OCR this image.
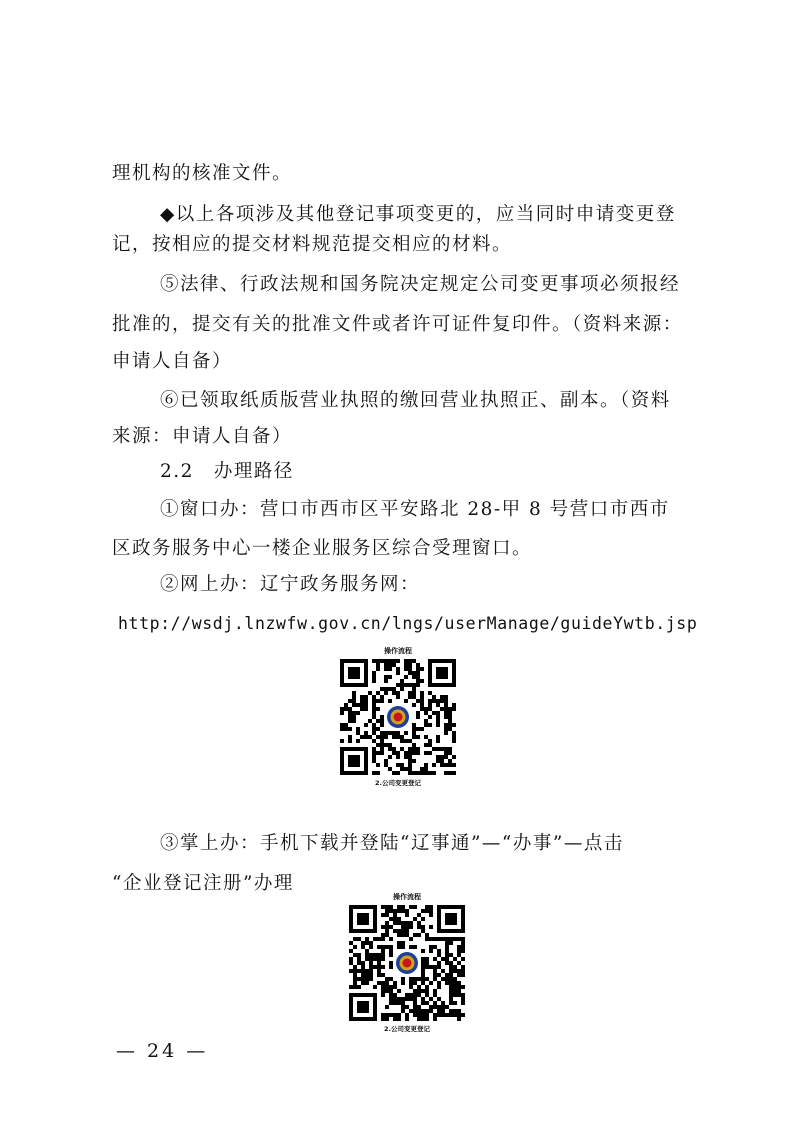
理机构的核准文件。
◆以上各项涉及其他登记事项变更的，应当同时申请变更登
记，按相应的提交材料规范提交相应的材料。
⑤法律、行政法规和国务院决定规定公司变更事项必须报经
批准的，提交有关的批准文件或者许可证件复印件。（资料来源：
申请人自备）
⑥已领取纸质版营业执照的缴回营业执照正、副本。（资料
来源：申请人自备）
2.2　办理路径
①窗口办：营口市西市区平安路北 28-甲 8 号营口市西市
区政务服务中心一楼企业服务区综合受理窗口。
②网上办：辽宁政务服务网：
http://wsdj.lnzwfw.gov.cn/lngs/userManage/guideYwtb.jsp
操作流程
2.公司变更登记
③掌上办：手机下载并登陆“辽事通”—“办事”—点击
“企业登记注册”办理
操作流程
2.公司变更登记
— 24 —
